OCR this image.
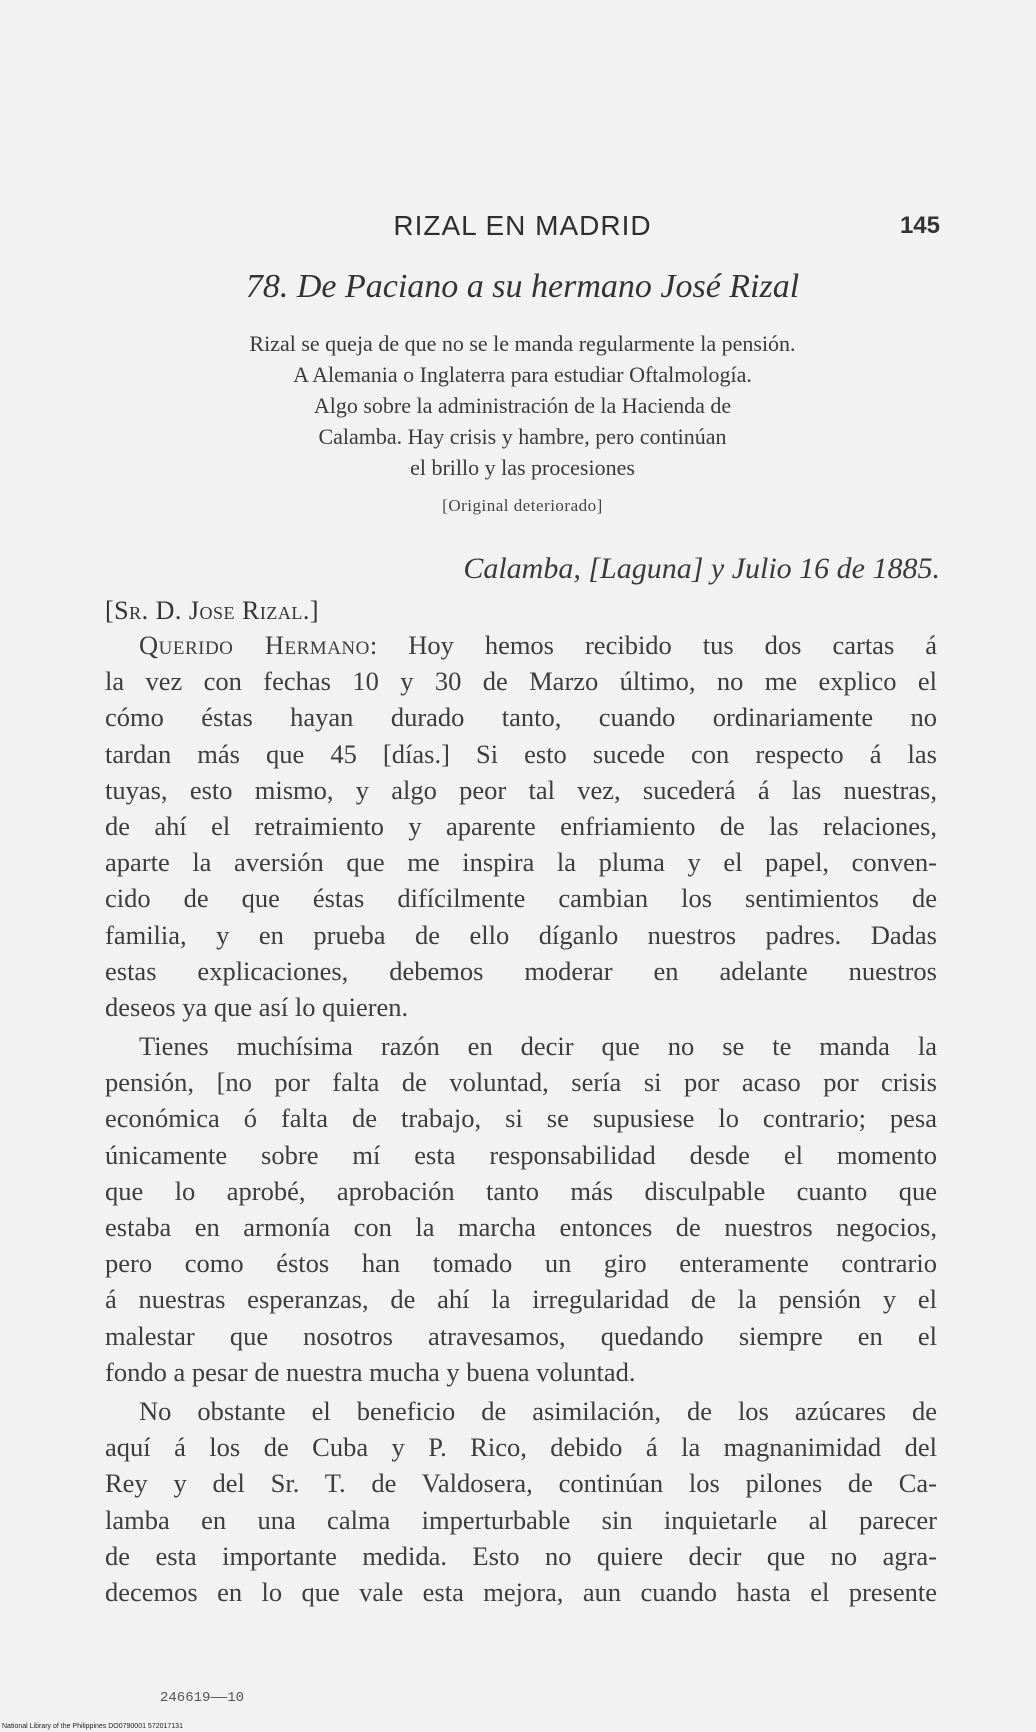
RIZAL EN MADRID	145
78. De Paciano a su hermano José Rizal
Rizal se queja de que no se le manda regularmente la pensión.
A Alemania o Inglaterra para estudiar Oftalmología.
Algo sobre la administración de la Hacienda de
Calamba. Hay crisis y hambre, pero continúan
el brillo y las procesiones
[Original deteriorado]
Calamba, [Laguna] y Julio 16 de 1885.
[Sr. D. Jose Rizal.]
Querido Hermano: Hoy hemos recibido tus dos cartas á
la vez con fechas 10 y 30 de Marzo último, no me explico el
cómo éstas hayan durado tanto, cuando ordinariamente no
tardan más que 45 [días.] Si esto sucede con respecto á las
tuyas, esto mismo, y algo peor tal vez, sucederá á las nuestras,
de ahí el retraimiento y aparente enfriamiento de las relaciones,
aparte la aversión que me inspira la pluma y el papel, conven-
cido de que éstas difícilmente cambian los sentimientos de
familia, y en prueba de ello díganlo nuestros padres. Dadas
estas explicaciones, debemos moderar en adelante nuestros
deseos ya que así lo quieren.
Tienes muchísima razón en decir que no se te manda la
pensión, [no por falta de voluntad, sería si por acaso por crisis
económica ó falta de trabajo, si se supusiese lo contrario; pesa
únicamente sobre mí esta responsabilidad desde el momento
que lo aprobé, aprobación tanto más disculpable cuanto que
estaba en armonía con la marcha entonces de nuestros negocios,
pero como éstos han tomado un giro enteramente contrario
á nuestras esperanzas, de ahí la irregularidad de la pensión y el
malestar que nosotros atravesamos, quedando siempre en el
fondo a pesar de nuestra mucha y buena voluntad.
No obstante el beneficio de asimilación, de los azúcares de
aquí á los de Cuba y P. Rico, debido á la magnanimidad del
Rey y del Sr. T. de Valdosera, continúan los pilones de Ca-
lamba en una calma imperturbable sin inquietarle al parecer
de esta importante medida. Esto no quiere decir que no agra-
decemos en lo que vale esta mejora, aun cuando hasta el presente
246619——10
National Library of the Philippines DO0790001 572017131
